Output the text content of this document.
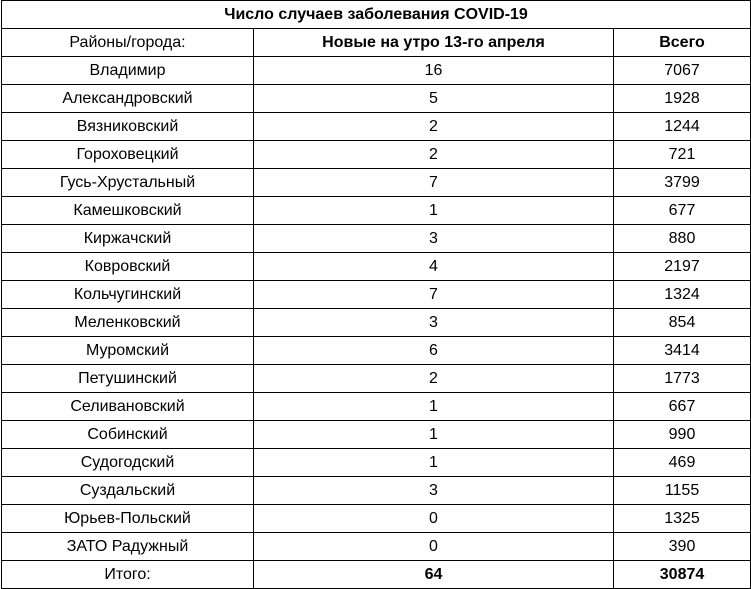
Число случаев заболевания COVID-19		
Районы/города:	Новые на утро 13-го апреля	Всего
Владимир	16	7067
Александровский	5	1928
Вязниковский	2	1244
Гороховецкий	2	721
Гусь-Хрустальный	7	3799
Камешковский	1	677
Киржачский	3	880
Ковровский	4	2197
Кольчугинский	7	1324
Меленковский	3	854
Муромский	6	3414
Петушинский	2	1773
Селивановский	1	667
Собинский	1	990
Судогодский	1	469
Суздальский	3	1155
Юрьев-Польский	0	1325
ЗАТО Радужный	0	390
Итого:	64	30874
